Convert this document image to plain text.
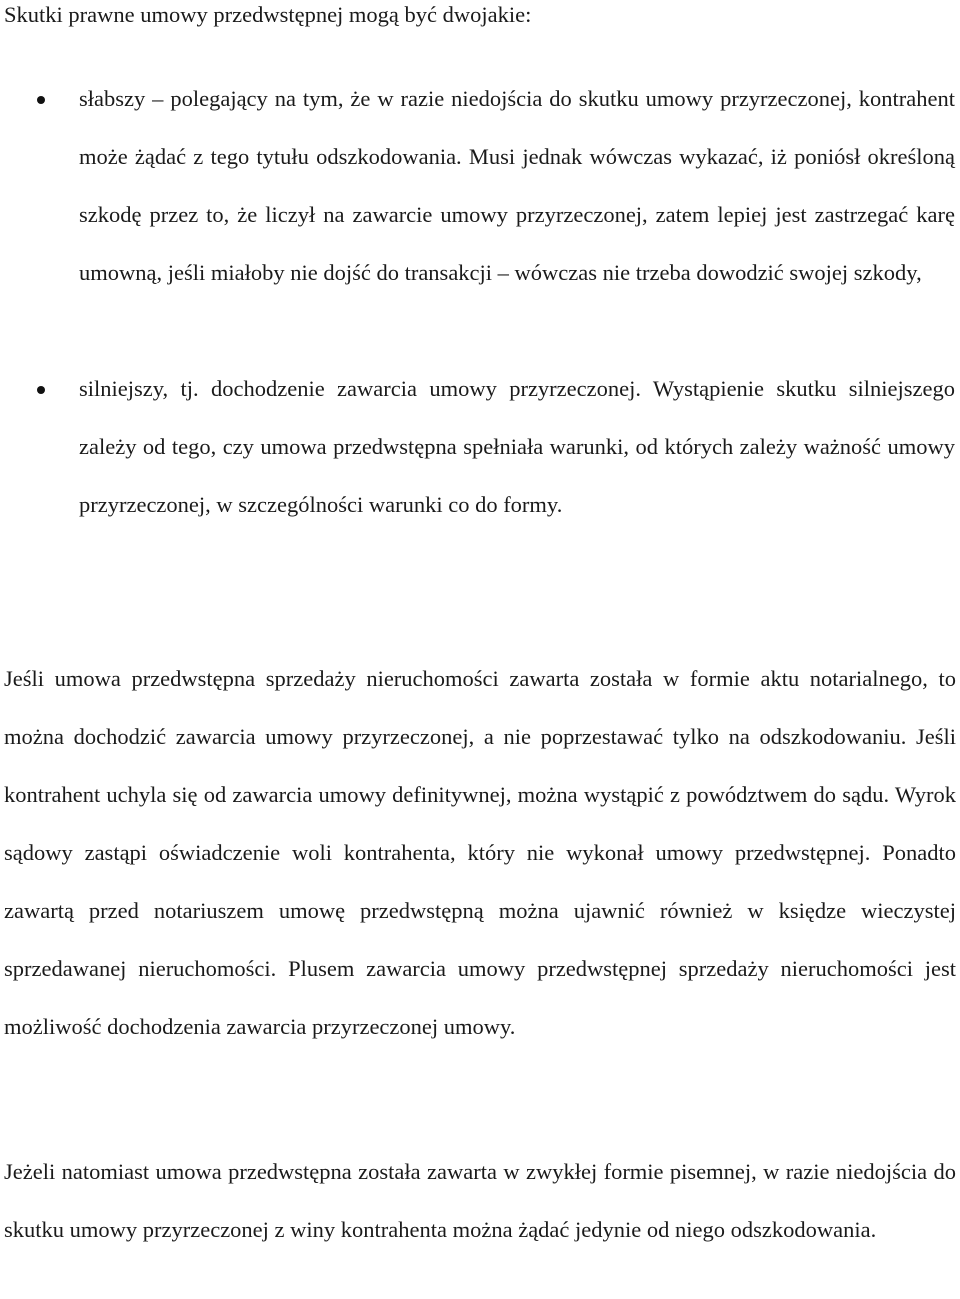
Skutki prawne umowy przedwstępnej mogą być dwojakie:

słabszy – polegający na tym, że w razie niedojścia do skutku umowy przyrzeczonej, kontrahent może żądać z tego tytułu odszkodowania. Musi jednak wówczas wykazać, iż poniósł określoną szkodę przez to, że liczył na zawarcie umowy przyrzeczonej, zatem lepiej jest zastrzegać karę umowną, jeśli miałoby nie dojść do transakcji – wówczas nie trzeba dowodzić swojej szkody,

silniejszy, tj. dochodzenie zawarcia umowy przyrzeczonej. Wystąpienie skutku silniejszego zależy od tego, czy umowa przedwstępna spełniała warunki, od których zależy ważność umowy przyrzeczonej, w szczególności warunki co do formy.

Jeśli umowa przedwstępna sprzedaży nieruchomości zawarta została w formie aktu notarialnego, to można dochodzić zawarcia umowy przyrzeczonej, a nie poprzestawać tylko na odszkodowaniu. Jeśli kontrahent uchyla się od zawarcia umowy definitywnej, można wystąpić z powództwem do sądu. Wyrok sądowy zastąpi oświadczenie woli kontrahenta, który nie wykonał umowy przedwstępnej. Ponadto zawartą przed notariuszem umowę przedwstępną można ujawnić również w księdze wieczystej sprzedawanej nieruchomości. Plusem zawarcia umowy przedwstępnej sprzedaży nieruchomości jest możliwość dochodzenia zawarcia przyrzeczonej umowy.

Jeżeli natomiast umowa przedwstępna została zawarta w zwykłej formie pisemnej, w razie niedojścia do skutku umowy przyrzeczonej z winy kontrahenta można żądać jedynie od niego odszkodowania.
